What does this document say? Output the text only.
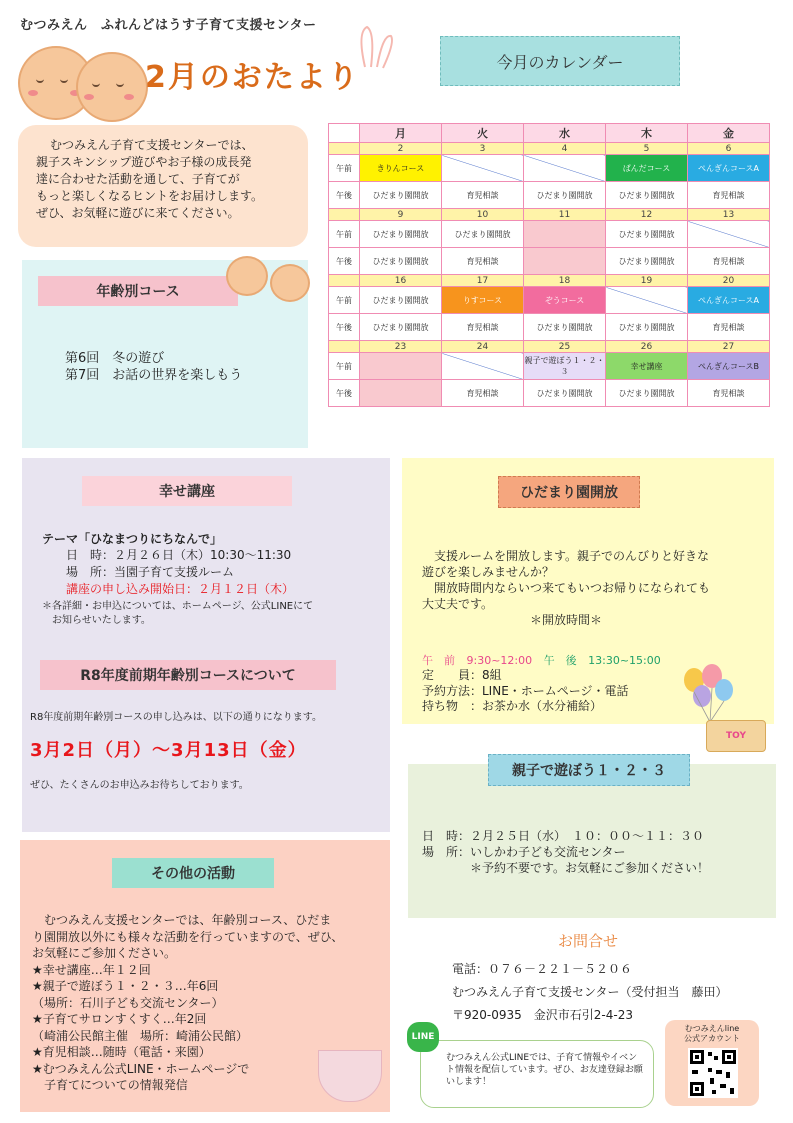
むつみえん　ふれんどはうす子育て支援センター
2月のおたより	今月のカレンダー
むつみえん子育て支援センターでは、
親子スキンシップ遊びやお子様の成長発
達に合わせた活動を通して、子育てが
もっと楽しくなるヒントをお届けします。
ぜひ、お気軽に遊びに来てください。
	月	火	水	木	金
	2	3	4	5	6
午前	きりんコース			ぱんだコース	ぺんぎんコースA
午後	ひだまり園開放	育児相談	ひだまり園開放	ひだまり園開放	育児相談
	9	10	11	12	13
午前	ひだまり園開放	ひだまり園開放		ひだまり園開放	
午後	ひだまり園開放	育児相談		ひだまり園開放	育児相談
	16	17	18	19	20
午前	ひだまり園開放	りすコース	ぞうコース		ぺんぎんコースA
午後	ひだまり園開放	育児相談	ひだまり園開放	ひだまり園開放	育児相談
	23	24	25	26	27
午前			親子で遊ぼう１・２・３	幸せ講座	ぺんぎんコースB
午後		育児相談	ひだまり園開放	ひだまり園開放	育児相談
年齢別コース
第6回　冬の遊び
第7回　お話の世界を楽しもう
幸せ講座
テーマ「ひなまつりにちなんで」
日　時：２月２６日（木）10:30～11:30
場　所：当園子育て支援ルーム
講座の申し込み開始日：２月１２日（木）
＊各詳細・お申込については、ホームページ、公式LINEにて
　お知らせいたします。
R8年度前期年齢別コースについて
R8年度前期年齢別コースの申し込みは、以下の通りになります。
3月2日（月）～3月13日（金）
ぜひ、たくさんのお申込みお待ちしております。
その他の活動
　むつみえん支援センターでは、年齢別コース、ひだま
り園開放以外にも様々な活動を行っていますので、ぜひ、
お気軽にご参加ください。
★幸せ講座…年１２回
★親子で遊ぼう１・２・３…年6回
（場所：石川子ども交流センター）
★子育てサロンすくすく…年2回
（崎浦公民館主催　場所：崎浦公民館）
★育児相談…随時（電話・来園）
★むつみえん公式LINE・ホームページで
　子育てについての情報発信
ひだまり園開放
　支援ルームを開放します。親子でのんびりと好きな
遊びを楽しみませんか？
　開放時間内ならいつ来てもいつお帰りになられても
大丈夫です。
　　　　　　　　　＊開放時間＊
午　前 9:30~12:00 午　後 13:30~15:00
定　　員：8組
予約方法：LINE・ホームページ・電話
持ち物　：お茶か水（水分補給）
TOY
親子で遊ぼう１・２・３
日　時：２月２５日（水）　１０：００～１１：３０
場　所：いしかわ子ども交流センター
　　　　＊予約不要です。お気軽にご参加ください！
お問合せ
電話：０７６－２２１－５２０６
むつみえん子育て支援センター（受付担当　藤田）
〒920-0935　金沢市石引2-4-23
LINE
むつみえん公式LINEでは、子育て情報やイベント情報を配信しています。ぜひ、お友達登録お願いします！
むつみえんline
公式アカウント
